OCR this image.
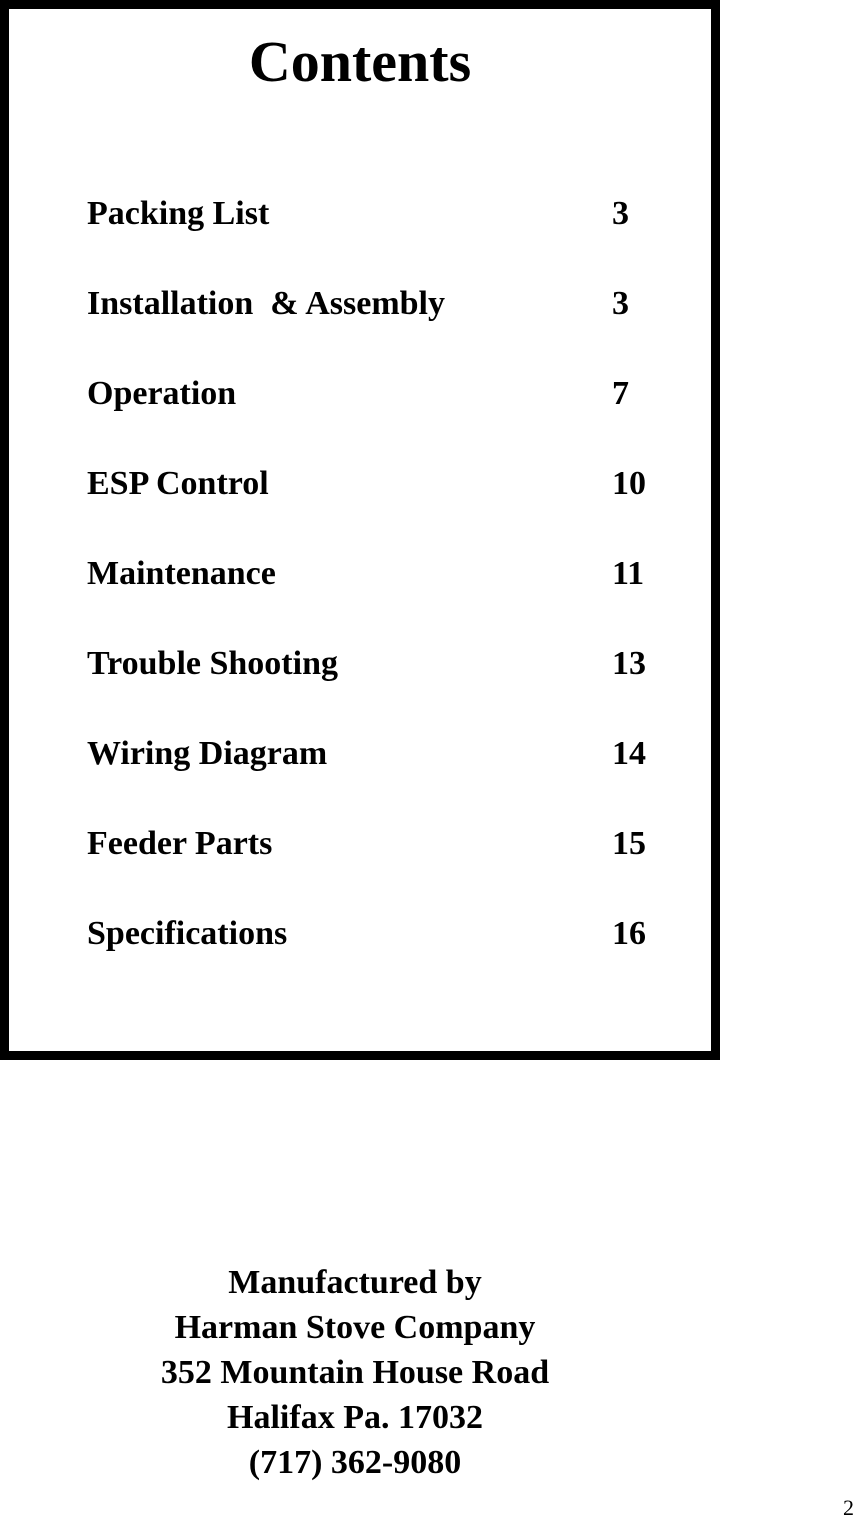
Contents
Packing List	3
Installation  & Assembly	3
Operation	7
ESP Control	10
Maintenance	11
Trouble Shooting	13
Wiring Diagram	14
Feeder Parts	15
Specifications	16
Manufactured by
Harman Stove Company
352 Mountain House Road
Halifax Pa. 17032
(717) 362-9080
2
